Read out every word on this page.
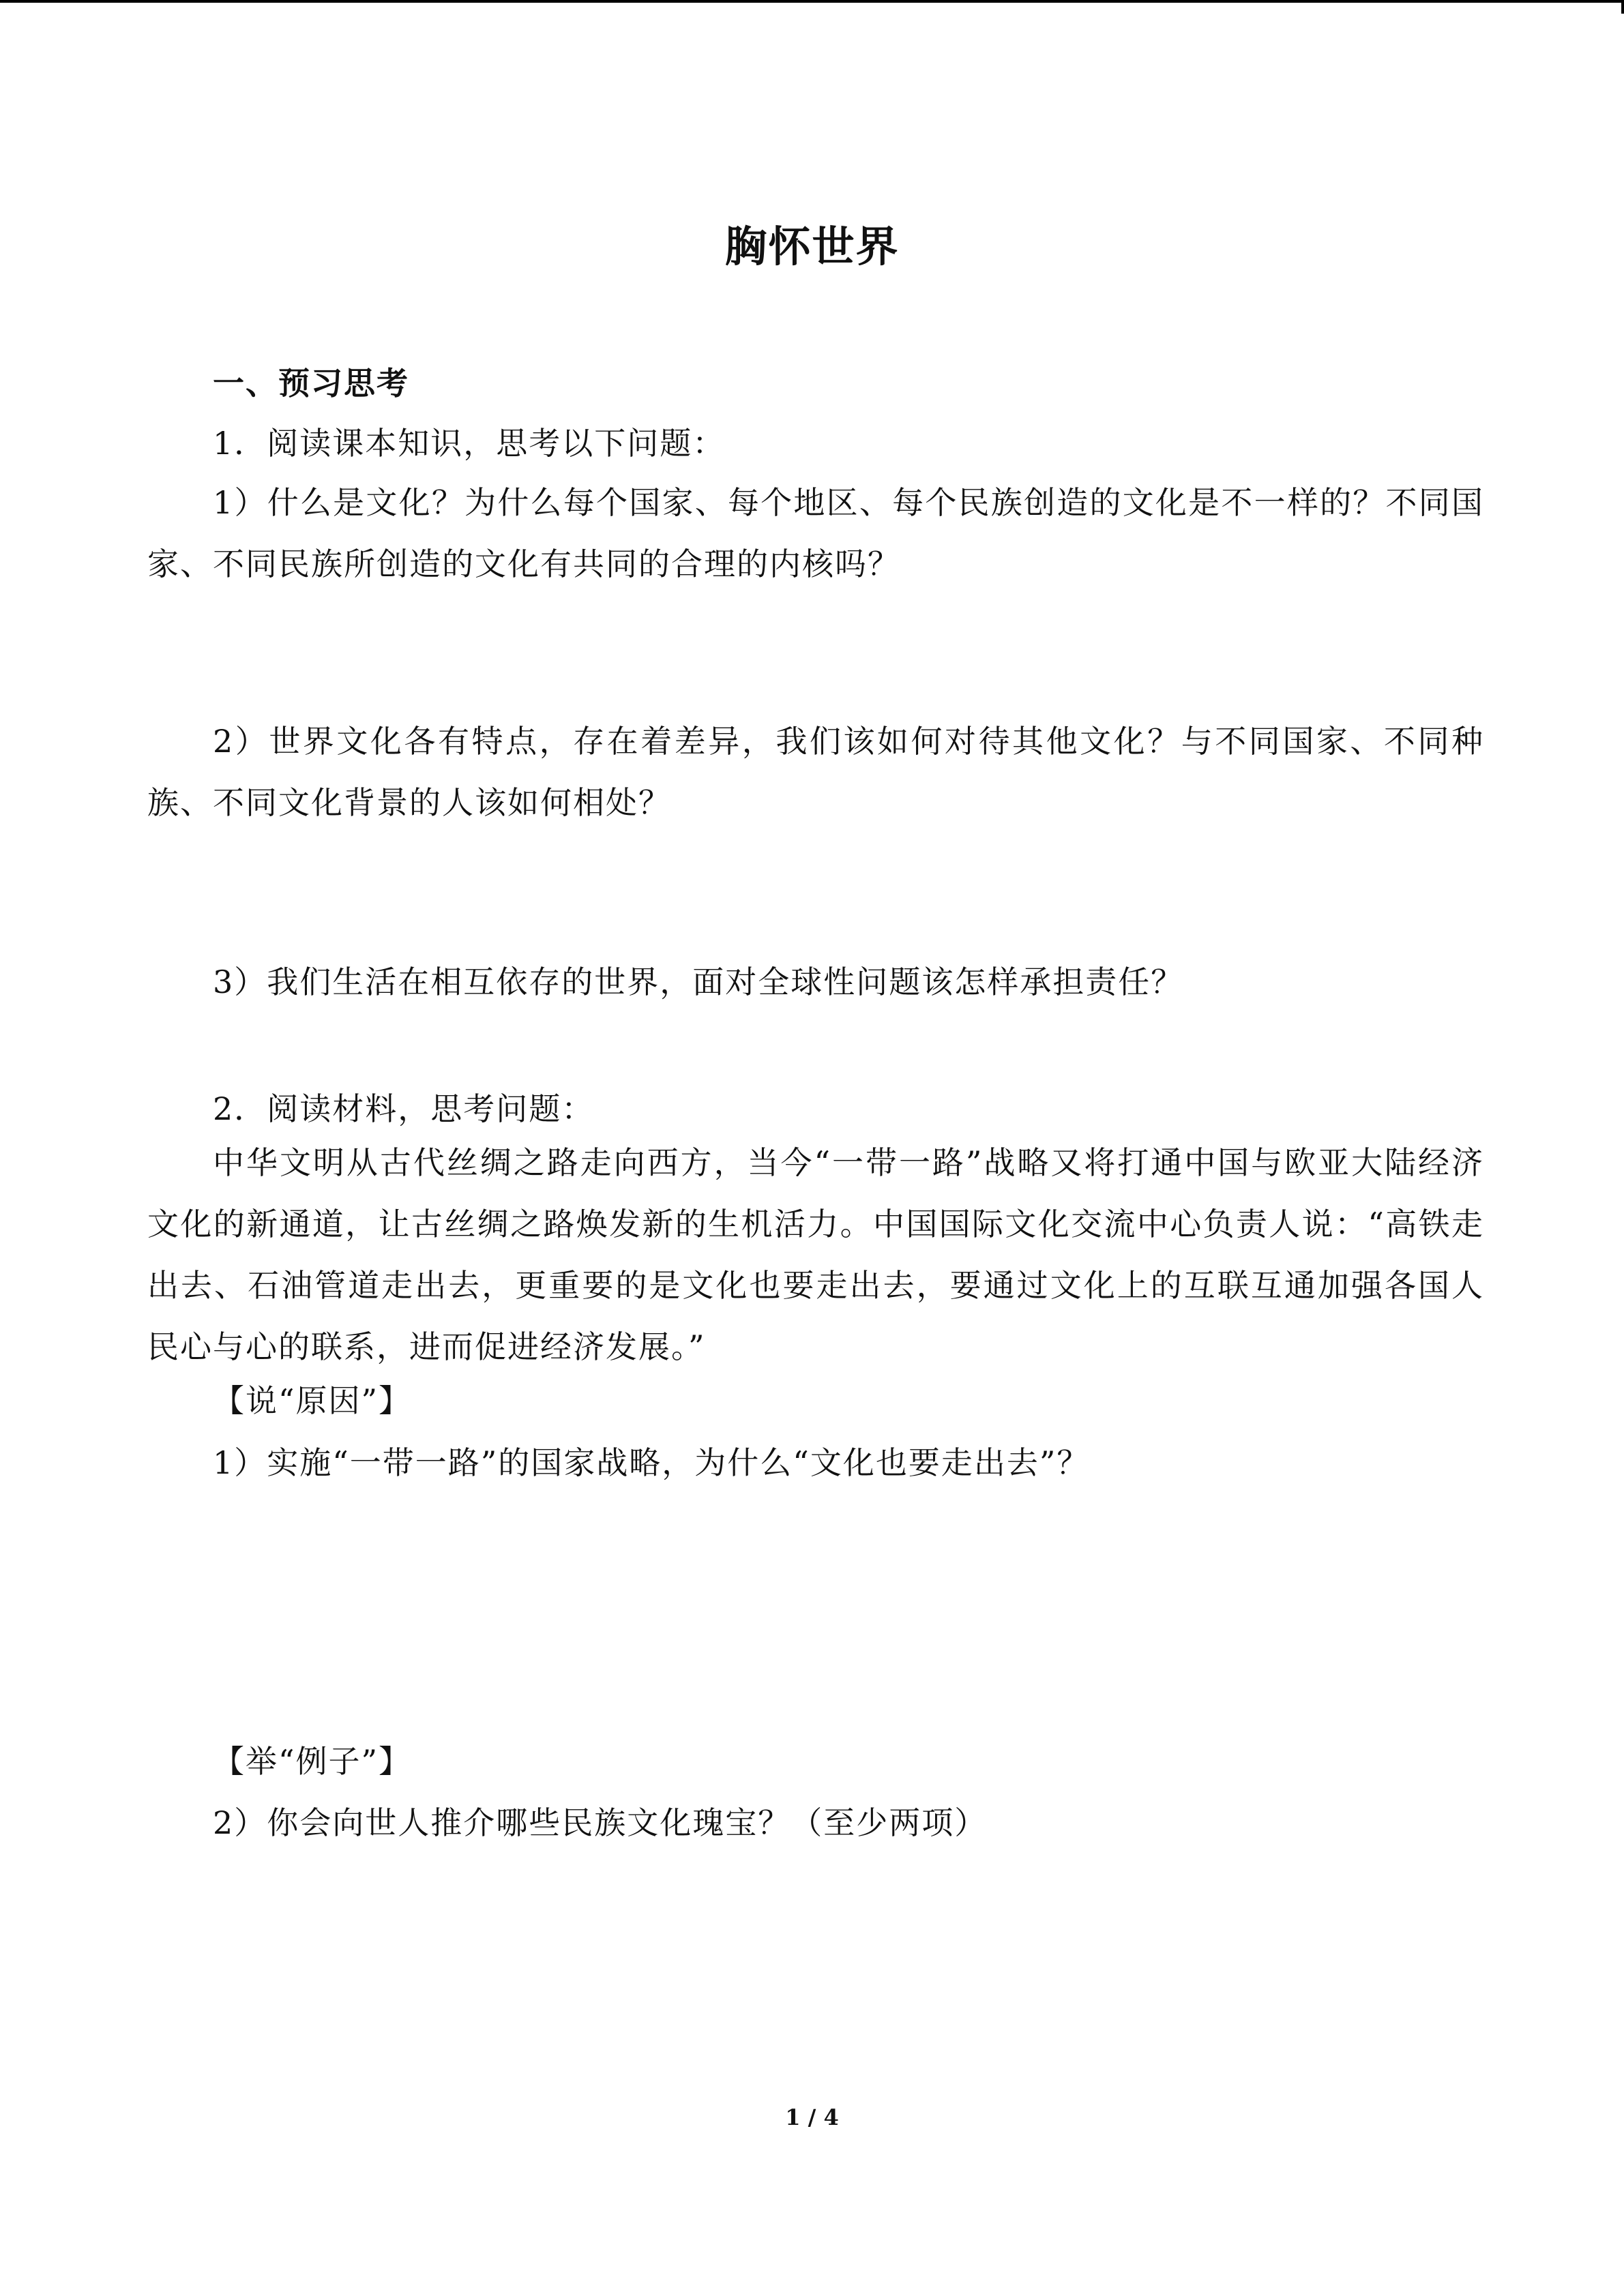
胸怀世界
一、预习思考
1．阅读课本知识，思考以下问题：
1）什么是文化？为什么每个国家、每个地区、每个民族创造的文化是不一样的？不同国家、不同民族所创造的文化有共同的合理的内核吗？
2）世界文化各有特点，存在着差异，我们该如何对待其他文化？与不同国家、不同种族、不同文化背景的人该如何相处？
3）我们生活在相互依存的世界，面对全球性问题该怎样承担责任？
2．阅读材料，思考问题：
中华文明从古代丝绸之路走向西方，当今“一带一路”战略又将打通中国与欧亚大陆经济文化的新通道，让古丝绸之路焕发新的生机活力。中国国际文化交流中心负责人说：“高铁走出去、石油管道走出去，更重要的是文化也要走出去，要通过文化上的互联互通加强各国人民心与心的联系，进而促进经济发展。”
【说“原因”】
1）实施“一带一路”的国家战略，为什么“文化也要走出去”？
【举“例子”】
2）你会向世人推介哪些民族文化瑰宝？（至少两项）
1 / 4
